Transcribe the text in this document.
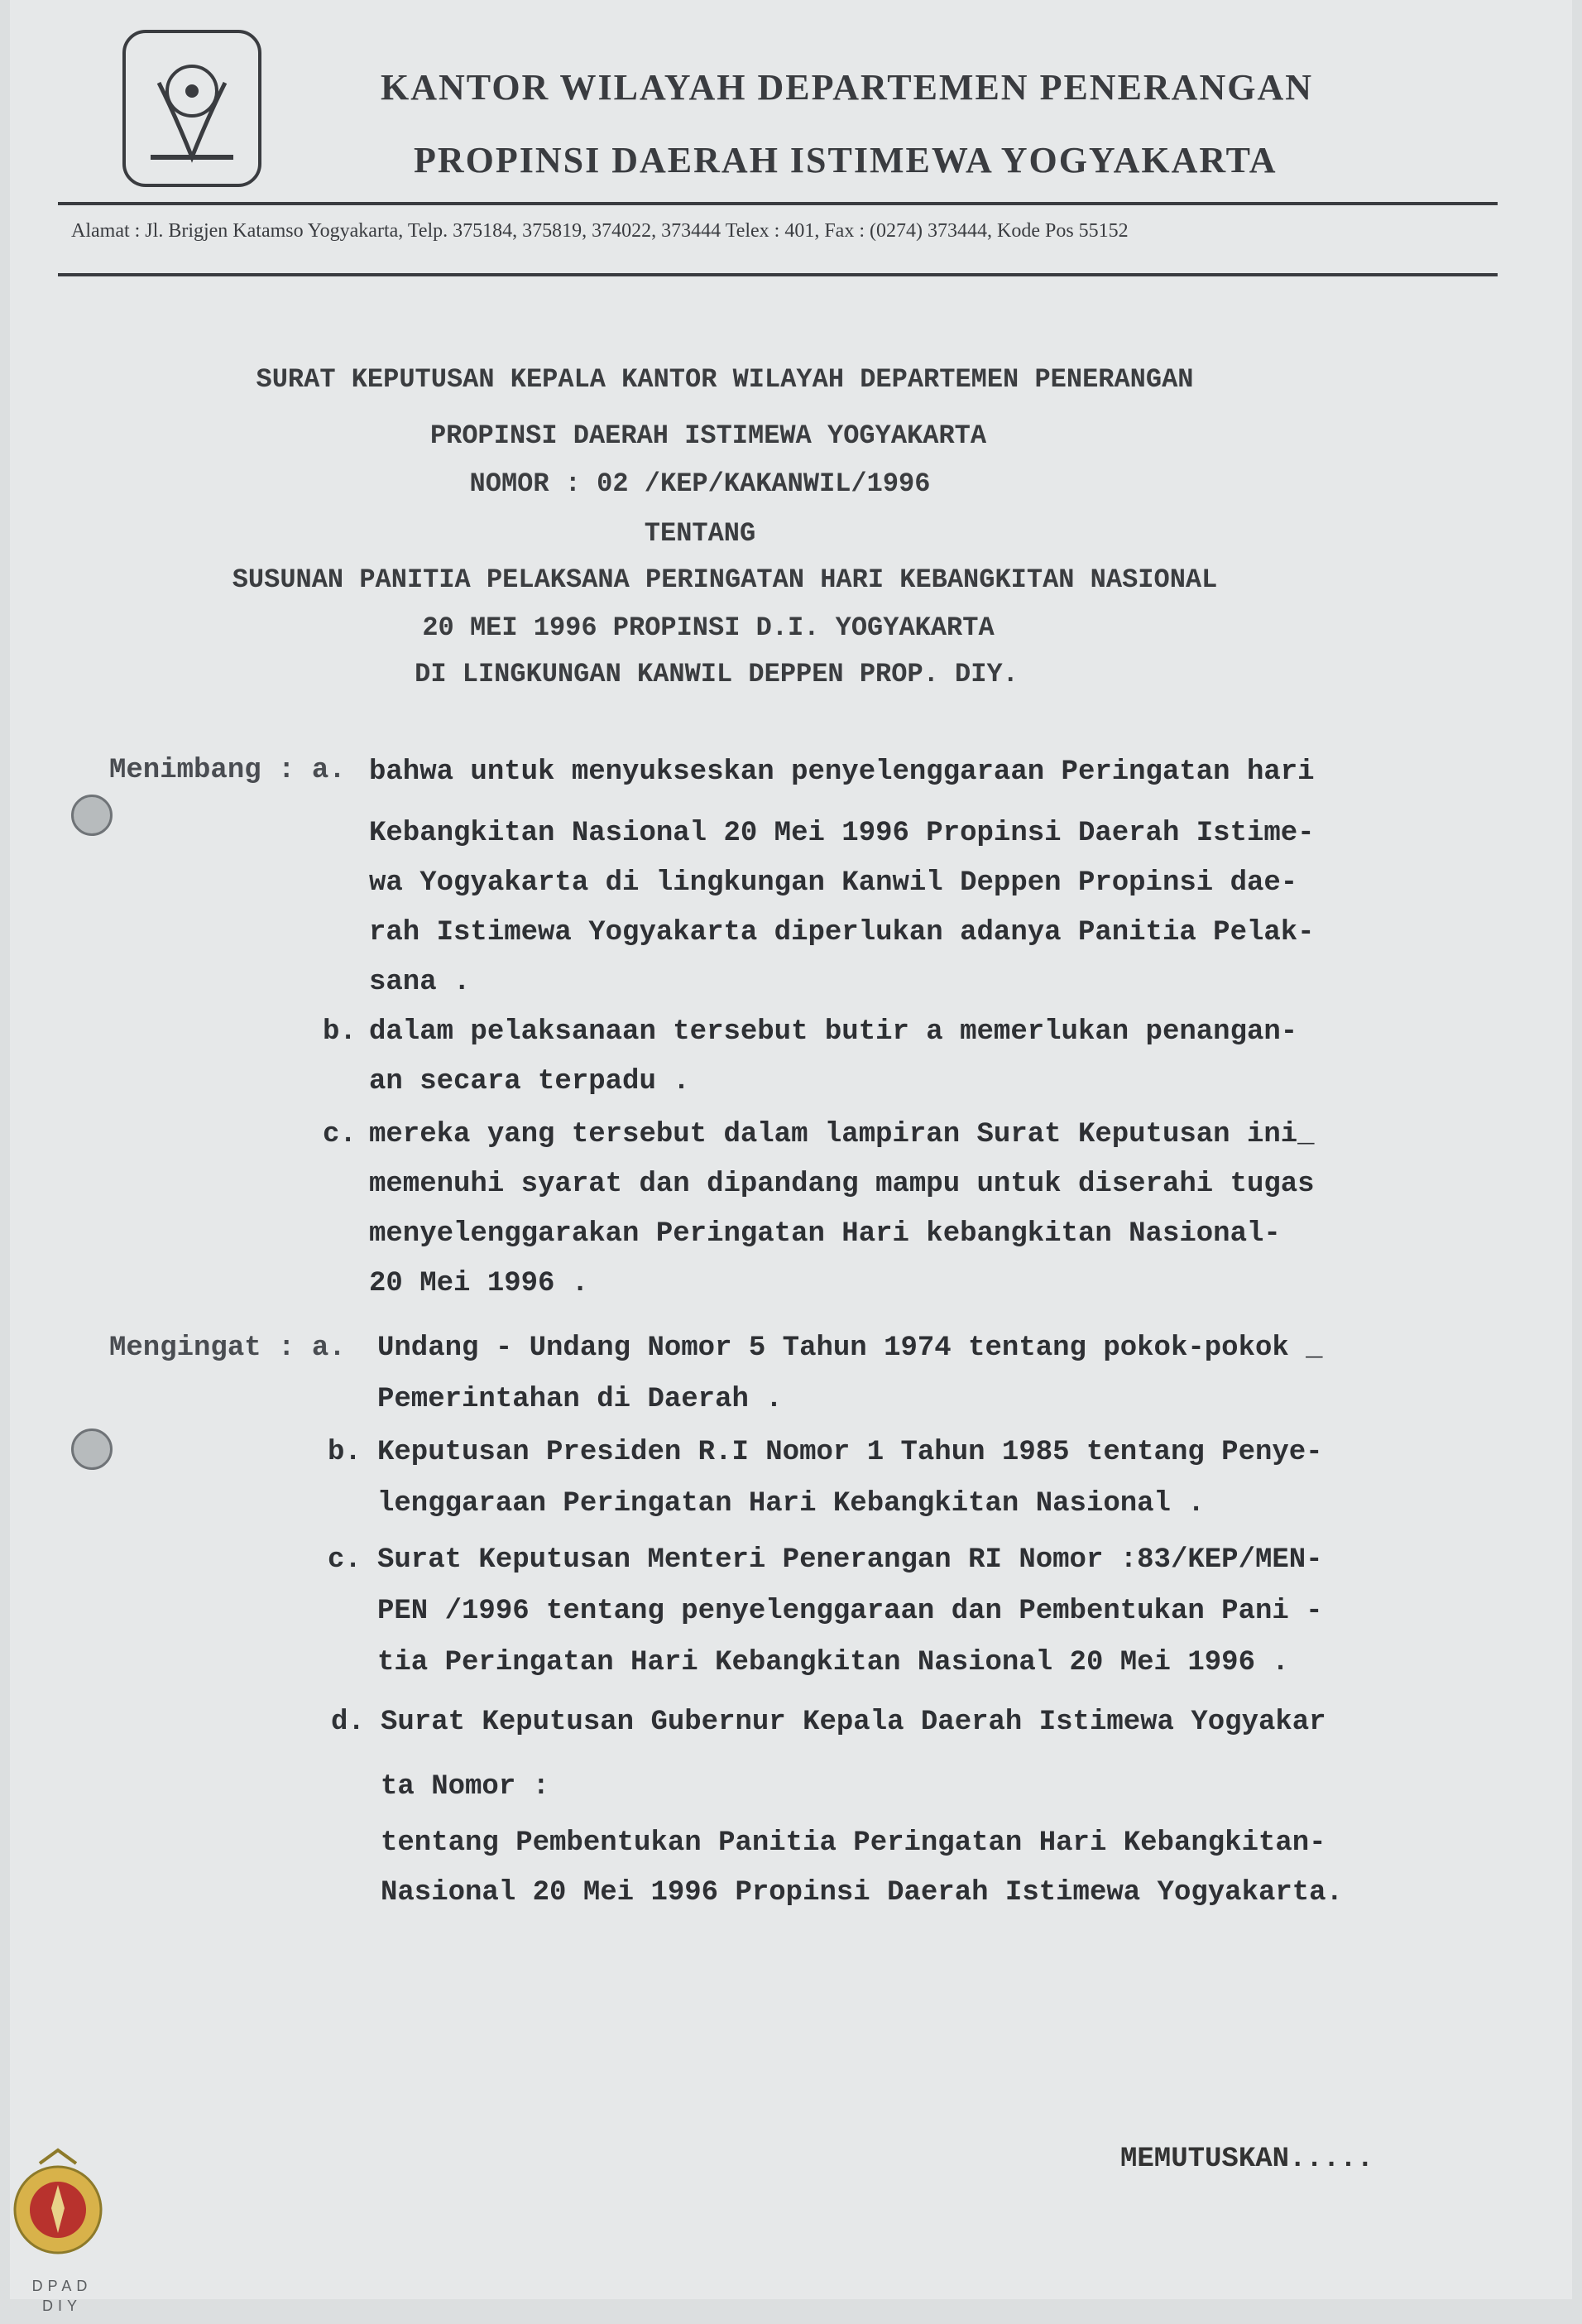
KANTOR WILAYAH DEPARTEMEN PENERANGAN
PROPINSI DAERAH ISTIMEWA YOGYAKARTA
Alamat : Jl. Brigjen Katamso Yogyakarta, Telp. 375184, 375819, 374022, 373444 Telex : 401, Fax : (0274) 373444, Kode Pos 55152
SURAT KEPUTUSAN KEPALA KANTOR WILAYAH DEPARTEMEN PENERANGAN
PROPINSI DAERAH ISTIMEWA YOGYAKARTA
NOMOR : 02 /KEP/KAKANWIL/1996
TENTANG
SUSUNAN PANITIA PELAKSANA PERINGATAN HARI KEBANGKITAN NASIONAL
20 MEI 1996 PROPINSI D.I. YOGYAKARTA
DI LINGKUNGAN KANWIL DEPPEN PROP. DIY.
Menimbang : a. bahwa untuk menyukseskan penyelenggaraan Peringatan hari
Kebangkitan Nasional 20 Mei 1996 Propinsi Daerah Istime-
wa Yogyakarta di lingkungan Kanwil Deppen Propinsi dae-
rah Istimewa Yogyakarta diperlukan adanya Panitia Pelak-
sana .
b. dalam pelaksanaan tersebut butir a memerlukan penangan-
an secara terpadu .
c. mereka yang tersebut dalam lampiran Surat Keputusan ini_
memenuhi syarat dan dipandang mampu untuk diserahi tugas
menyelenggarakan Peringatan Hari kebangkitan Nasional-
20 Mei 1996 .
Mengingat : a. Undang - Undang Nomor 5 Tahun 1974 tentang pokok-pokok _
Pemerintahan di Daerah .
b. Keputusan Presiden R.I Nomor 1 Tahun 1985 tentang Penye-
lenggaraan Peringatan Hari Kebangkitan Nasional .
c. Surat Keputusan Menteri Penerangan RI Nomor :83/KEP/MEN-
PEN /1996 tentang penyelenggaraan dan Pembentukan Pani -
tia Peringatan Hari Kebangkitan Nasional 20 Mei 1996 .
d. Surat Keputusan Gubernur Kepala Daerah Istimewa Yogyakar
ta Nomor :
tentang Pembentukan Panitia Peringatan Hari Kebangkitan-
Nasional 20 Mei 1996 Propinsi Daerah Istimewa Yogyakarta.
MEMUTUSKAN.....
DPAD
DIY
